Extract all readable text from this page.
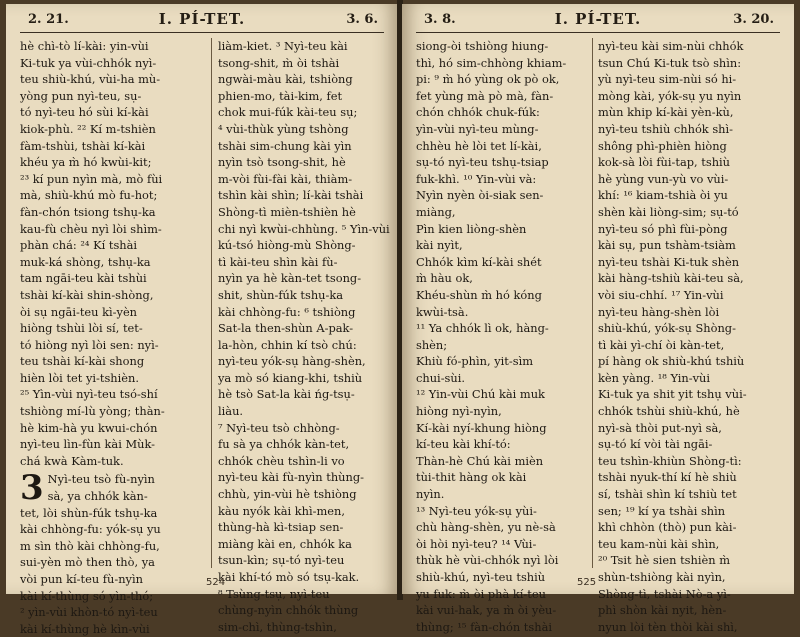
2. 21.	I. PÍ-TET.	3. 6.
hè chì-tò lí-kài: yin-vùi
Ki-tuk ya vùi-chhók nyì-
teu shiù-khú, vùi-ha mù-
yòng pun nyì-teu, sụ-
tó nyì-teu hó sùi kí-kài
kiok-phù. ²² Kí m-tshièn
fàm-tshùi, tshài kí-kài
khéu ya m̀ hó kwùi-kit;
²³ kí pun nyìn mà, mò fùi
mà, shiù-khú mò fu-hot;
fàn-chón tsiong tshụ-ka
kau-fù chèu nyì lòi shìm-
phàn chá: ²⁴ Kí tshài
muk-ká shòng, tshụ-ka
tam ngāi-teu kài tshùi
tshài kí-kài shin-shòng,
òi sụ ngāi-teu kì-yèn
hiòng tshùi lòi sí, tet-
tó hiòng nyì lòi sen: nyì-
teu tshài kí-kài shong
hièn lòi tet yi-tshièn.
²⁵ Yìn-vùi nyì-teu tsó-shí
tshiòng mí-lù yòng; thàn-
hè kim-hà yu kwui-chón
nyì-teu lìn-fùn kài Mùk-
chá kwà Kàm-tuk.
3 Nyì-teu tsò fù-nyìn
sà, ya chhók kàn-
tet, lòi shùn-fúk tshụ-ka
kài chhòng-fu: yók-sụ yu
m sìn thò kài chhòng-fu,
sui-yèn mò then thò, ya
vòi pun kí-teu fù-nyìn
kài kí-thùng só yìn-thó;
² yìn-vùi khòn-tó nyì-teu
kài kí-thùng hè kìn-vùi
liàm-kiet. ³ Nyì-teu kài
tsong-shit, m̀ òi tshài
ngwài-màu kài, tshiòng
phien-mo, tài-kim, fet
chok mui-fúk kài-teu sụ;
⁴ vùi-thùk yùng tshòng
tshài sim-chung kài yìn
nyìn tsò tsong-shit, hè
m-vòi fùi-fài kài, thiàm-
tshìn kài shìn; lí-kài tshài
Shòng-tì mièn-tshièn hè
chi nyì kwùi-chhùng. ⁵ Yìn-vùi
kú-tsó hiòng-mù Shòng-
tì kài-teu shìn kài fù-
nyìn ya hè kàn-tet tsong-
shit, shùn-fúk tshụ-ka
kài chhòng-fu: ⁶ tshiòng
Sat-la then-shùn A-pak-
la-hòn, chhin kí tsò chú:
nyì-teu yók-sụ hàng-shèn,
ya mò só kiang-khi, tshiù
hè tsò Sat-la kài ńg-tsụ-
liàu.
⁷ Nyì-teu tsò chhòng-
fu sà ya chhók kàn-tet,
chhók chèu tshìn-li vo
nyì-teu kài fù-nyìn thùng-
chhù, yin-vùi hè tshiòng
kàu nyók kài khì-men,
thùng-hà kì-tsiap sen-
miàng kài en, chhók ka
tsun-kìn; sụ-tó nyì-teu
kài khí-tó mò só tsụ-kak.
⁸ Tsùng-tsụ, nyì-teu
chùng-nyìn chhók thùng
sim-chì, thùng-tshìn,
524
3. 8.	I. PÍ-TET.	3. 20.
siong-òi tshiòng hiung-
thì, hó sim-chhòng khiam-
pi: ⁹ m̀ hó yùng ok pò ok,
fet yùng mà pò mà, fàn-
chón chhók chuk-fúk:
yìn-vùi nyì-teu mùng-
chhèu hè lòi tet lí-kài,
sụ-tó nyì-teu tshụ-tsiap
fuk-khì. ¹⁰ Yin-vùi và:
Nyìn nyèn òi-siak sen-
miàng,
Pìn kien liòng-shèn
kài nyìt,
Chhók kìm kí-kài shét
m̀ hàu ok,
Khéu-shùn m̀ hó kóng
kwùi-tsà.
¹¹ Ya chhók lì ok, hàng-
shèn;
Khiù fó-phìn, yit-sìm
chui-sùi.
¹² Yin-vùi Chú kài muk
hiòng nyì-nyìn,
Kí-kài nyí-khung hiòng
kí-teu kài khí-tó:
Thàn-hè Chú kài mièn
tùi-thit hàng ok kài
nyìn.
¹³ Nyì-teu yók-sụ yùi-
chù hàng-shèn, yu nè-sà
òi hòi nyì-teu? ¹⁴ Vùi-
thùk hè vùi-chhók nyì lòi
shiù-khú, nyì-teu tshiù
yu fuk: m̀ òi phà kí-teu
kài vui-hak, ya m̀ òi yèu-
thùng; ¹⁵ fàn-chón tshài
nyì-teu kài sim-nùi chhók
tsun Chú Ki-tuk tsò shìn:
yù nyì-teu sim-nùi só hi-
mòng kài, yók-sụ yu nyìn
mùn khip kí-kài yèn-kù,
nyì-teu tshiù chhók shì-
shông phì-phièn hiòng
kok-sà lòi fùi-tap, tshiù
hè yùng vun-yù vo vùi-
khí: ¹⁶ kiam-tshià òi yu
shèn kài liòng-sim; sụ-tó
nyì-teu só phì fùi-pòng
kài sụ, pun tshàm-tsiàm
nyì-teu tshài Ki-tuk shèn
kài hàng-tshiù kài-teu sà,
vòi siu-chhí. ¹⁷ Yin-vùi
nyì-teu hàng-shèn lòi
shiù-khú, yók-sụ Shòng-
tì kài yì-chí òi kàn-tet,
pí hàng ok shiù-khú tshiù
kèn yàng. ¹⁸ Yin-vùi
Ki-tuk ya shit yit tshụ vùi-
chhók tshùi shiù-khú, hè
nyì-sà thòi put-nyì sà,
sụ-tó kí vòi tài ngāi-
teu tshìn-khiùn Shòng-tì:
tshài nyuk-thí kí hè shiù
sí, tshài shìn kí tshiù tet
sen; ¹⁹ kí ya tshài shìn
khì chhòn (thò) pun kài-
teu kam-nùi kài shìn,
²⁰ Tsit hè sien tshièn m̀
shùn-tshiòng kài nyìn,
Shòng-tì, tshài Nò-a yì-
phì shòn kài nyit, hèn-
nyun lòi tèn thòi kài shì,
525
